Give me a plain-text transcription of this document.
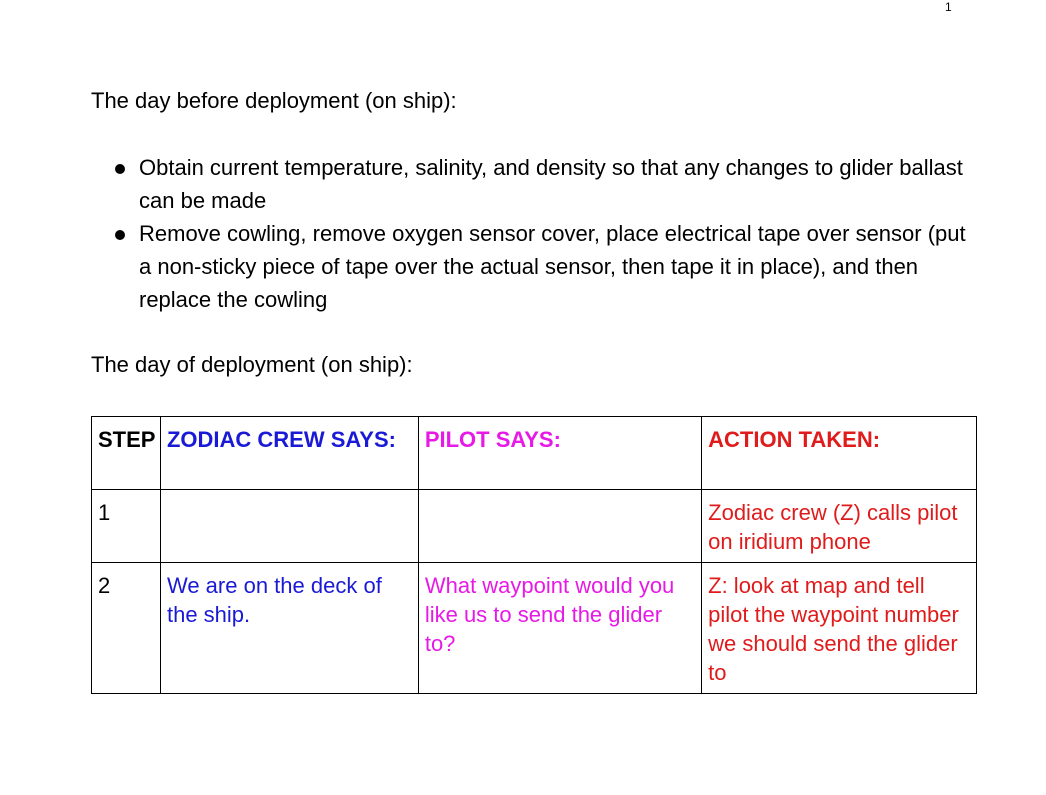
1
The day before deployment (on ship):
Obtain current temperature, salinity, and density so that any changes to glider ballast can be made
Remove cowling, remove oxygen sensor cover, place electrical tape over sensor (put a non-sticky piece of tape over the actual sensor, then tape it in place), and then replace the cowling
The day of deployment (on ship):
STEP	ZODIAC CREW SAYS:	PILOT SAYS:	ACTION TAKEN:
1			Zodiac crew (Z) calls pilot on iridium phone
2	We are on the deck of the ship.	What waypoint would you like us to send the glider to?	Z: look at map and tell pilot the waypoint number we should send the glider to
